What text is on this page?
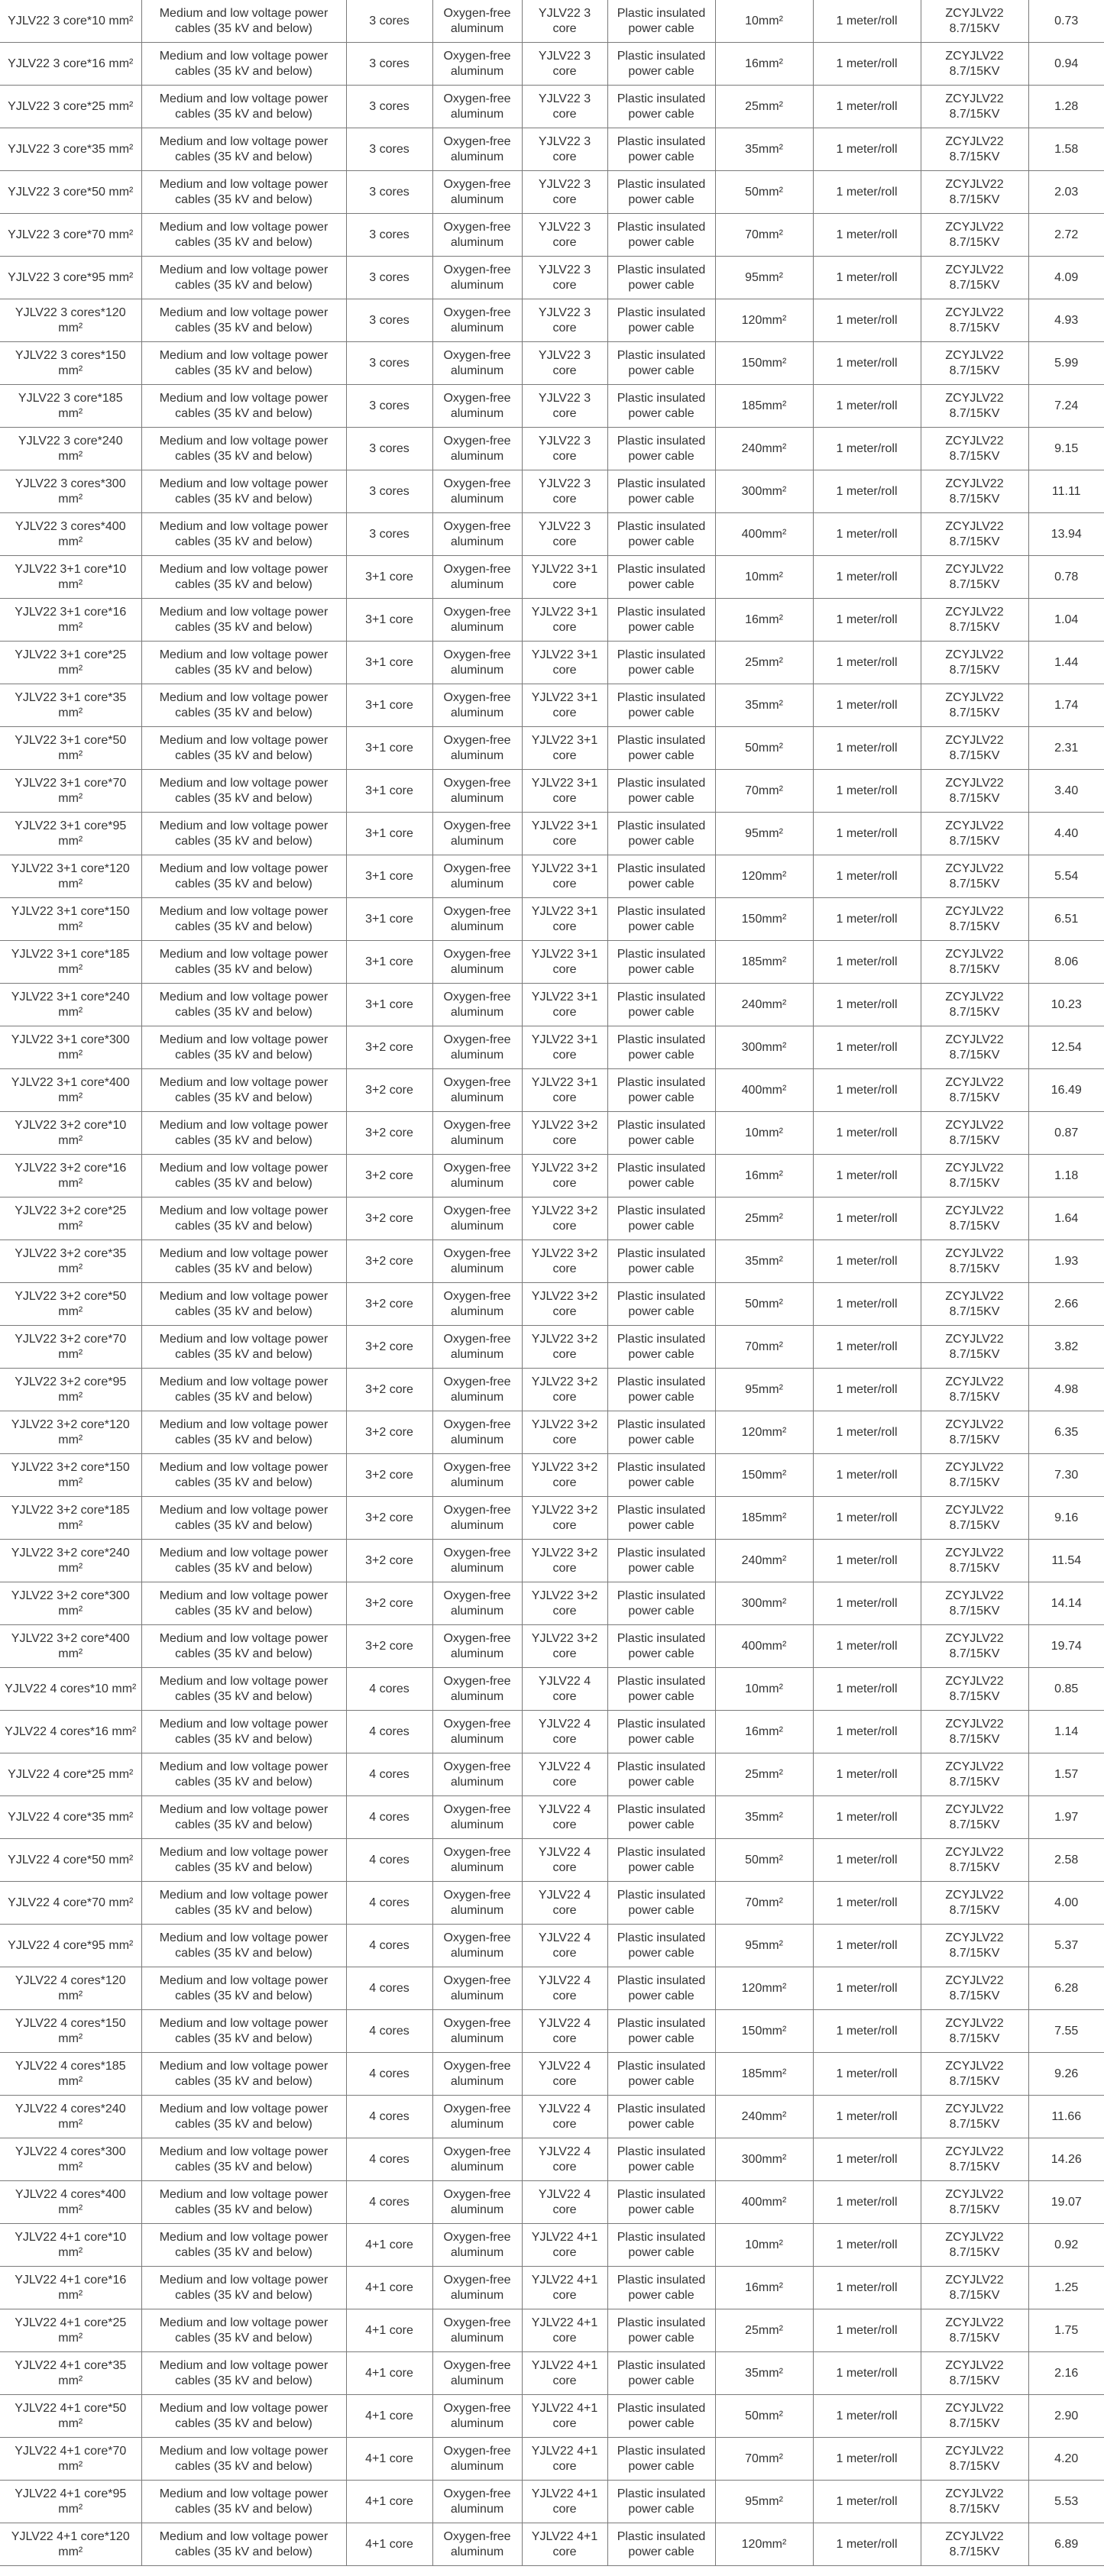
YJLV22 3 core*10 mm²	Medium and low voltage power cables (35 kV and below)	3 cores	Oxygen-free aluminum	YJLV22 3 core	Plastic insulated power cable	10mm²	1 meter/roll	ZCYJLV22 8.7/15KV	0.73
YJLV22 3 core*16 mm²	Medium and low voltage power cables (35 kV and below)	3 cores	Oxygen-free aluminum	YJLV22 3 core	Plastic insulated power cable	16mm²	1 meter/roll	ZCYJLV22 8.7/15KV	0.94
YJLV22 3 core*25 mm²	Medium and low voltage power cables (35 kV and below)	3 cores	Oxygen-free aluminum	YJLV22 3 core	Plastic insulated power cable	25mm²	1 meter/roll	ZCYJLV22 8.7/15KV	1.28
YJLV22 3 core*35 mm²	Medium and low voltage power cables (35 kV and below)	3 cores	Oxygen-free aluminum	YJLV22 3 core	Plastic insulated power cable	35mm²	1 meter/roll	ZCYJLV22 8.7/15KV	1.58
YJLV22 3 core*50 mm²	Medium and low voltage power cables (35 kV and below)	3 cores	Oxygen-free aluminum	YJLV22 3 core	Plastic insulated power cable	50mm²	1 meter/roll	ZCYJLV22 8.7/15KV	2.03
YJLV22 3 core*70 mm²	Medium and low voltage power cables (35 kV and below)	3 cores	Oxygen-free aluminum	YJLV22 3 core	Plastic insulated power cable	70mm²	1 meter/roll	ZCYJLV22 8.7/15KV	2.72
YJLV22 3 core*95 mm²	Medium and low voltage power cables (35 kV and below)	3 cores	Oxygen-free aluminum	YJLV22 3 core	Plastic insulated power cable	95mm²	1 meter/roll	ZCYJLV22 8.7/15KV	4.09
YJLV22 3 cores*120 mm²	Medium and low voltage power cables (35 kV and below)	3 cores	Oxygen-free aluminum	YJLV22 3 core	Plastic insulated power cable	120mm²	1 meter/roll	ZCYJLV22 8.7/15KV	4.93
YJLV22 3 cores*150 mm²	Medium and low voltage power cables (35 kV and below)	3 cores	Oxygen-free aluminum	YJLV22 3 core	Plastic insulated power cable	150mm²	1 meter/roll	ZCYJLV22 8.7/15KV	5.99
YJLV22 3 core*185 mm²	Medium and low voltage power cables (35 kV and below)	3 cores	Oxygen-free aluminum	YJLV22 3 core	Plastic insulated power cable	185mm²	1 meter/roll	ZCYJLV22 8.7/15KV	7.24
YJLV22 3 core*240 mm²	Medium and low voltage power cables (35 kV and below)	3 cores	Oxygen-free aluminum	YJLV22 3 core	Plastic insulated power cable	240mm²	1 meter/roll	ZCYJLV22 8.7/15KV	9.15
YJLV22 3 cores*300 mm²	Medium and low voltage power cables (35 kV and below)	3 cores	Oxygen-free aluminum	YJLV22 3 core	Plastic insulated power cable	300mm²	1 meter/roll	ZCYJLV22 8.7/15KV	11.11
YJLV22 3 cores*400 mm²	Medium and low voltage power cables (35 kV and below)	3 cores	Oxygen-free aluminum	YJLV22 3 core	Plastic insulated power cable	400mm²	1 meter/roll	ZCYJLV22 8.7/15KV	13.94
YJLV22 3+1 core*10 mm²	Medium and low voltage power cables (35 kV and below)	3+1 core	Oxygen-free aluminum	YJLV22 3+1 core	Plastic insulated power cable	10mm²	1 meter/roll	ZCYJLV22 8.7/15KV	0.78
YJLV22 3+1 core*16 mm²	Medium and low voltage power cables (35 kV and below)	3+1 core	Oxygen-free aluminum	YJLV22 3+1 core	Plastic insulated power cable	16mm²	1 meter/roll	ZCYJLV22 8.7/15KV	1.04
YJLV22 3+1 core*25 mm²	Medium and low voltage power cables (35 kV and below)	3+1 core	Oxygen-free aluminum	YJLV22 3+1 core	Plastic insulated power cable	25mm²	1 meter/roll	ZCYJLV22 8.7/15KV	1.44
YJLV22 3+1 core*35 mm²	Medium and low voltage power cables (35 kV and below)	3+1 core	Oxygen-free aluminum	YJLV22 3+1 core	Plastic insulated power cable	35mm²	1 meter/roll	ZCYJLV22 8.7/15KV	1.74
YJLV22 3+1 core*50 mm²	Medium and low voltage power cables (35 kV and below)	3+1 core	Oxygen-free aluminum	YJLV22 3+1 core	Plastic insulated power cable	50mm²	1 meter/roll	ZCYJLV22 8.7/15KV	2.31
YJLV22 3+1 core*70 mm²	Medium and low voltage power cables (35 kV and below)	3+1 core	Oxygen-free aluminum	YJLV22 3+1 core	Plastic insulated power cable	70mm²	1 meter/roll	ZCYJLV22 8.7/15KV	3.40
YJLV22 3+1 core*95 mm²	Medium and low voltage power cables (35 kV and below)	3+1 core	Oxygen-free aluminum	YJLV22 3+1 core	Plastic insulated power cable	95mm²	1 meter/roll	ZCYJLV22 8.7/15KV	4.40
YJLV22 3+1 core*120 mm²	Medium and low voltage power cables (35 kV and below)	3+1 core	Oxygen-free aluminum	YJLV22 3+1 core	Plastic insulated power cable	120mm²	1 meter/roll	ZCYJLV22 8.7/15KV	5.54
YJLV22 3+1 core*150 mm²	Medium and low voltage power cables (35 kV and below)	3+1 core	Oxygen-free aluminum	YJLV22 3+1 core	Plastic insulated power cable	150mm²	1 meter/roll	ZCYJLV22 8.7/15KV	6.51
YJLV22 3+1 core*185 mm²	Medium and low voltage power cables (35 kV and below)	3+1 core	Oxygen-free aluminum	YJLV22 3+1 core	Plastic insulated power cable	185mm²	1 meter/roll	ZCYJLV22 8.7/15KV	8.06
YJLV22 3+1 core*240 mm²	Medium and low voltage power cables (35 kV and below)	3+1 core	Oxygen-free aluminum	YJLV22 3+1 core	Plastic insulated power cable	240mm²	1 meter/roll	ZCYJLV22 8.7/15KV	10.23
YJLV22 3+1 core*300 mm²	Medium and low voltage power cables (35 kV and below)	3+2 core	Oxygen-free aluminum	YJLV22 3+1 core	Plastic insulated power cable	300mm²	1 meter/roll	ZCYJLV22 8.7/15KV	12.54
YJLV22 3+1 core*400 mm²	Medium and low voltage power cables (35 kV and below)	3+2 core	Oxygen-free aluminum	YJLV22 3+1 core	Plastic insulated power cable	400mm²	1 meter/roll	ZCYJLV22 8.7/15KV	16.49
YJLV22 3+2 core*10 mm²	Medium and low voltage power cables (35 kV and below)	3+2 core	Oxygen-free aluminum	YJLV22 3+2 core	Plastic insulated power cable	10mm²	1 meter/roll	ZCYJLV22 8.7/15KV	0.87
YJLV22 3+2 core*16 mm²	Medium and low voltage power cables (35 kV and below)	3+2 core	Oxygen-free aluminum	YJLV22 3+2 core	Plastic insulated power cable	16mm²	1 meter/roll	ZCYJLV22 8.7/15KV	1.18
YJLV22 3+2 core*25 mm²	Medium and low voltage power cables (35 kV and below)	3+2 core	Oxygen-free aluminum	YJLV22 3+2 core	Plastic insulated power cable	25mm²	1 meter/roll	ZCYJLV22 8.7/15KV	1.64
YJLV22 3+2 core*35 mm²	Medium and low voltage power cables (35 kV and below)	3+2 core	Oxygen-free aluminum	YJLV22 3+2 core	Plastic insulated power cable	35mm²	1 meter/roll	ZCYJLV22 8.7/15KV	1.93
YJLV22 3+2 core*50 mm²	Medium and low voltage power cables (35 kV and below)	3+2 core	Oxygen-free aluminum	YJLV22 3+2 core	Plastic insulated power cable	50mm²	1 meter/roll	ZCYJLV22 8.7/15KV	2.66
YJLV22 3+2 core*70 mm²	Medium and low voltage power cables (35 kV and below)	3+2 core	Oxygen-free aluminum	YJLV22 3+2 core	Plastic insulated power cable	70mm²	1 meter/roll	ZCYJLV22 8.7/15KV	3.82
YJLV22 3+2 core*95 mm²	Medium and low voltage power cables (35 kV and below)	3+2 core	Oxygen-free aluminum	YJLV22 3+2 core	Plastic insulated power cable	95mm²	1 meter/roll	ZCYJLV22 8.7/15KV	4.98
YJLV22 3+2 core*120 mm²	Medium and low voltage power cables (35 kV and below)	3+2 core	Oxygen-free aluminum	YJLV22 3+2 core	Plastic insulated power cable	120mm²	1 meter/roll	ZCYJLV22 8.7/15KV	6.35
YJLV22 3+2 core*150 mm²	Medium and low voltage power cables (35 kV and below)	3+2 core	Oxygen-free aluminum	YJLV22 3+2 core	Plastic insulated power cable	150mm²	1 meter/roll	ZCYJLV22 8.7/15KV	7.30
YJLV22 3+2 core*185 mm²	Medium and low voltage power cables (35 kV and below)	3+2 core	Oxygen-free aluminum	YJLV22 3+2 core	Plastic insulated power cable	185mm²	1 meter/roll	ZCYJLV22 8.7/15KV	9.16
YJLV22 3+2 core*240 mm²	Medium and low voltage power cables (35 kV and below)	3+2 core	Oxygen-free aluminum	YJLV22 3+2 core	Plastic insulated power cable	240mm²	1 meter/roll	ZCYJLV22 8.7/15KV	11.54
YJLV22 3+2 core*300 mm²	Medium and low voltage power cables (35 kV and below)	3+2 core	Oxygen-free aluminum	YJLV22 3+2 core	Plastic insulated power cable	300mm²	1 meter/roll	ZCYJLV22 8.7/15KV	14.14
YJLV22 3+2 core*400 mm²	Medium and low voltage power cables (35 kV and below)	3+2 core	Oxygen-free aluminum	YJLV22 3+2 core	Plastic insulated power cable	400mm²	1 meter/roll	ZCYJLV22 8.7/15KV	19.74
YJLV22 4 cores*10 mm²	Medium and low voltage power cables (35 kV and below)	4 cores	Oxygen-free aluminum	YJLV22 4 core	Plastic insulated power cable	10mm²	1 meter/roll	ZCYJLV22 8.7/15KV	0.85
YJLV22 4 cores*16 mm²	Medium and low voltage power cables (35 kV and below)	4 cores	Oxygen-free aluminum	YJLV22 4 core	Plastic insulated power cable	16mm²	1 meter/roll	ZCYJLV22 8.7/15KV	1.14
YJLV22 4 core*25 mm²	Medium and low voltage power cables (35 kV and below)	4 cores	Oxygen-free aluminum	YJLV22 4 core	Plastic insulated power cable	25mm²	1 meter/roll	ZCYJLV22 8.7/15KV	1.57
YJLV22 4 core*35 mm²	Medium and low voltage power cables (35 kV and below)	4 cores	Oxygen-free aluminum	YJLV22 4 core	Plastic insulated power cable	35mm²	1 meter/roll	ZCYJLV22 8.7/15KV	1.97
YJLV22 4 core*50 mm²	Medium and low voltage power cables (35 kV and below)	4 cores	Oxygen-free aluminum	YJLV22 4 core	Plastic insulated power cable	50mm²	1 meter/roll	ZCYJLV22 8.7/15KV	2.58
YJLV22 4 core*70 mm²	Medium and low voltage power cables (35 kV and below)	4 cores	Oxygen-free aluminum	YJLV22 4 core	Plastic insulated power cable	70mm²	1 meter/roll	ZCYJLV22 8.7/15KV	4.00
YJLV22 4 core*95 mm²	Medium and low voltage power cables (35 kV and below)	4 cores	Oxygen-free aluminum	YJLV22 4 core	Plastic insulated power cable	95mm²	1 meter/roll	ZCYJLV22 8.7/15KV	5.37
YJLV22 4 cores*120 mm²	Medium and low voltage power cables (35 kV and below)	4 cores	Oxygen-free aluminum	YJLV22 4 core	Plastic insulated power cable	120mm²	1 meter/roll	ZCYJLV22 8.7/15KV	6.28
YJLV22 4 cores*150 mm²	Medium and low voltage power cables (35 kV and below)	4 cores	Oxygen-free aluminum	YJLV22 4 core	Plastic insulated power cable	150mm²	1 meter/roll	ZCYJLV22 8.7/15KV	7.55
YJLV22 4 cores*185 mm²	Medium and low voltage power cables (35 kV and below)	4 cores	Oxygen-free aluminum	YJLV22 4 core	Plastic insulated power cable	185mm²	1 meter/roll	ZCYJLV22 8.7/15KV	9.26
YJLV22 4 cores*240 mm²	Medium and low voltage power cables (35 kV and below)	4 cores	Oxygen-free aluminum	YJLV22 4 core	Plastic insulated power cable	240mm²	1 meter/roll	ZCYJLV22 8.7/15KV	11.66
YJLV22 4 cores*300 mm²	Medium and low voltage power cables (35 kV and below)	4 cores	Oxygen-free aluminum	YJLV22 4 core	Plastic insulated power cable	300mm²	1 meter/roll	ZCYJLV22 8.7/15KV	14.26
YJLV22 4 cores*400 mm²	Medium and low voltage power cables (35 kV and below)	4 cores	Oxygen-free aluminum	YJLV22 4 core	Plastic insulated power cable	400mm²	1 meter/roll	ZCYJLV22 8.7/15KV	19.07
YJLV22 4+1 core*10 mm²	Medium and low voltage power cables (35 kV and below)	4+1 core	Oxygen-free aluminum	YJLV22 4+1 core	Plastic insulated power cable	10mm²	1 meter/roll	ZCYJLV22 8.7/15KV	0.92
YJLV22 4+1 core*16 mm²	Medium and low voltage power cables (35 kV and below)	4+1 core	Oxygen-free aluminum	YJLV22 4+1 core	Plastic insulated power cable	16mm²	1 meter/roll	ZCYJLV22 8.7/15KV	1.25
YJLV22 4+1 core*25 mm²	Medium and low voltage power cables (35 kV and below)	4+1 core	Oxygen-free aluminum	YJLV22 4+1 core	Plastic insulated power cable	25mm²	1 meter/roll	ZCYJLV22 8.7/15KV	1.75
YJLV22 4+1 core*35 mm²	Medium and low voltage power cables (35 kV and below)	4+1 core	Oxygen-free aluminum	YJLV22 4+1 core	Plastic insulated power cable	35mm²	1 meter/roll	ZCYJLV22 8.7/15KV	2.16
YJLV22 4+1 core*50 mm²	Medium and low voltage power cables (35 kV and below)	4+1 core	Oxygen-free aluminum	YJLV22 4+1 core	Plastic insulated power cable	50mm²	1 meter/roll	ZCYJLV22 8.7/15KV	2.90
YJLV22 4+1 core*70 mm²	Medium and low voltage power cables (35 kV and below)	4+1 core	Oxygen-free aluminum	YJLV22 4+1 core	Plastic insulated power cable	70mm²	1 meter/roll	ZCYJLV22 8.7/15KV	4.20
YJLV22 4+1 core*95 mm²	Medium and low voltage power cables (35 kV and below)	4+1 core	Oxygen-free aluminum	YJLV22 4+1 core	Plastic insulated power cable	95mm²	1 meter/roll	ZCYJLV22 8.7/15KV	5.53
YJLV22 4+1 core*120 mm²	Medium and low voltage power cables (35 kV and below)	4+1 core	Oxygen-free aluminum	YJLV22 4+1 core	Plastic insulated power cable	120mm²	1 meter/roll	ZCYJLV22 8.7/15KV	6.89
